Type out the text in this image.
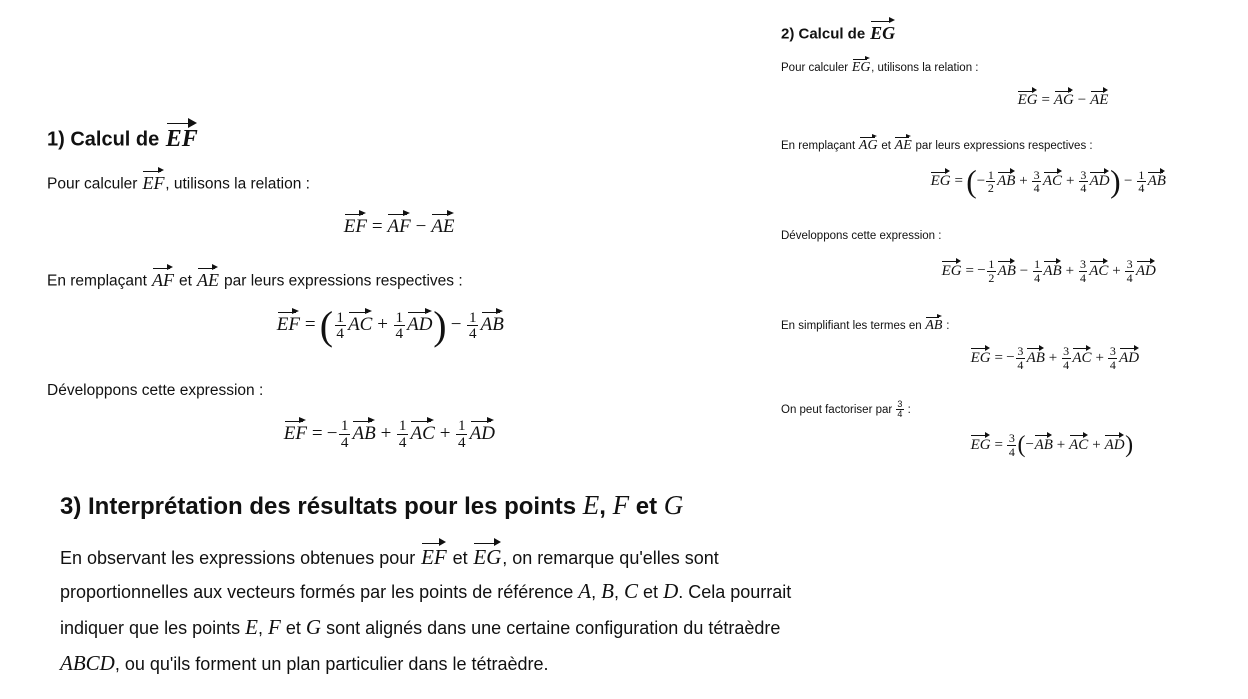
1) Calcul de EF
Pour calculer EF, utilisons la relation :
EF = AF − AE
En remplaçant AF et AE par leurs expressions respectives :
EF = ( $\frac{1}{4}$ AC + $\frac{1}{4} AD) - \frac{1}{4}$ AB
Développons cette expression :
EF = − $\frac{1}{4}$ AB + $\frac{1}{4}$ AC + $\frac{1}{4}$ AD
2) Calcul de EG
Pour calculer EG, utilisons la relation :
EG = AG − AE
En remplaçant AG et AE par leurs expressions respectives :
EG = (− $\frac{1}{2}$ AB + $\frac{3}{4}$ AC + $\frac{3}{4} AD) - \frac{1}{4}$ AB
Développons cette expression :
EG = − $\frac{1}{2}$ AB − $\frac{1}{4}$ AB + $\frac{3}{4}$ AC + $\frac{3}{4}$ AD
En simplifiant les termes en AB :
EG = − $\frac{3}{4}$ AB + $\frac{3}{4}$ AC + $\frac{3}{4}$ AD
On peut factoriser par $\frac{3}{4}$ :
EG = $\frac{3}{4} (-AB$ + AC + AD)
3) Interprétation des résultats pour les points E, F et G
En observant les expressions obtenues pour EF et EG, on remarque qu'elles sont
proportionnelles aux vecteurs formés par les points de référence A, B, C et D. Cela pourrait
indiquer que les points E, F et G sont alignés dans une certaine configuration du tétraèdre
ABCD, ou qu'ils forment un plan particulier dans le tétraèdre.
